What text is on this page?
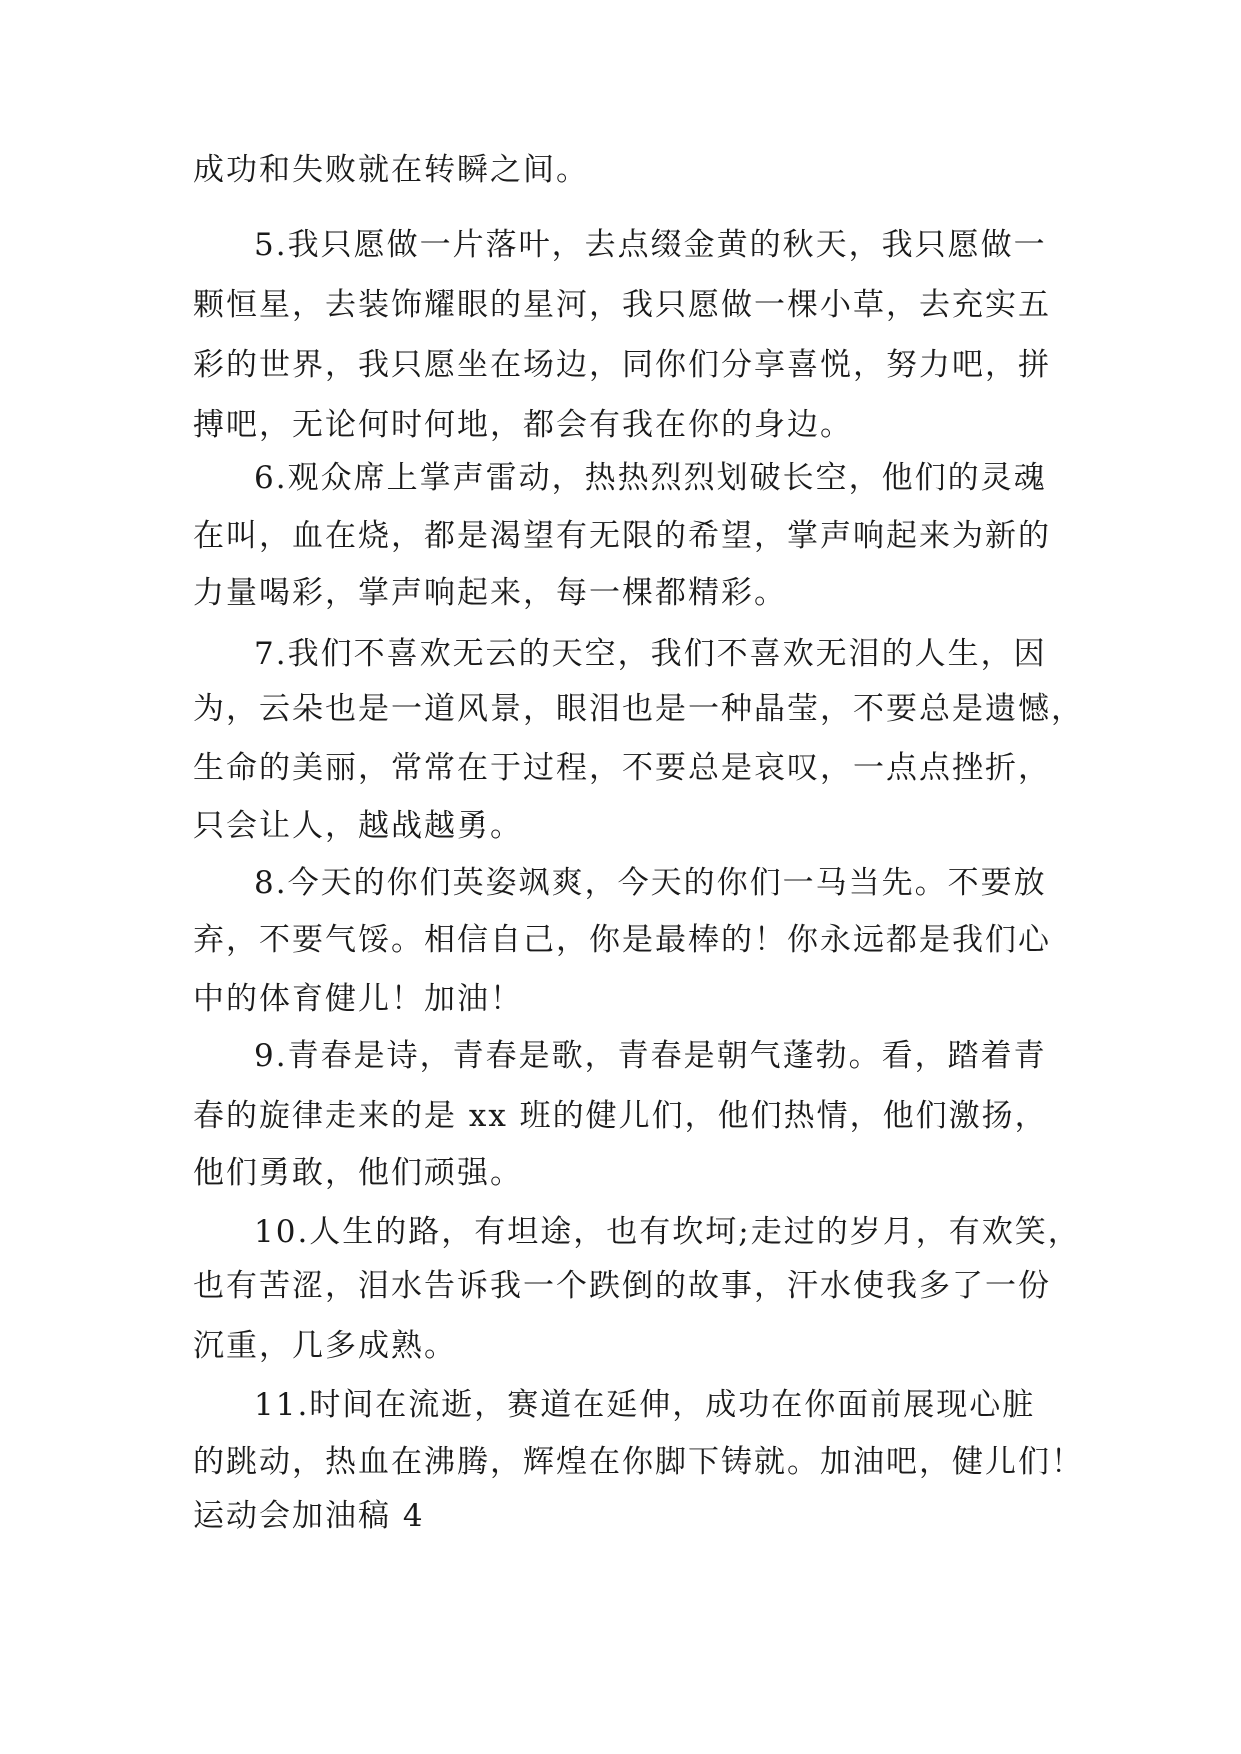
成功和失败就在转瞬之间。
5.我只愿做一片落叶，去点缀金黄的秋天，我只愿做一
颗恒星，去装饰耀眼的星河，我只愿做一棵小草，去充实五
彩的世界，我只愿坐在场边，同你们分享喜悦，努力吧，拼
搏吧，无论何时何地，都会有我在你的身边。
6.观众席上掌声雷动，热热烈烈划破长空，他们的灵魂
在叫，血在烧，都是渴望有无限的希望，掌声响起来为新的
力量喝彩，掌声响起来，每一棵都精彩。
7.我们不喜欢无云的天空，我们不喜欢无泪的人生，因
为，云朵也是一道风景，眼泪也是一种晶莹，不要总是遗憾，
生命的美丽，常常在于过程，不要总是哀叹，一点点挫折，
只会让人，越战越勇。
8.今天的你们英姿飒爽，今天的你们一马当先。不要放
弃，不要气馁。相信自己，你是最棒的！你永远都是我们心
中的体育健儿！加油！
9.青春是诗，青春是歌，青春是朝气蓬勃。看，踏着青
春的旋律走来的是 xx 班的健儿们，他们热情，他们激扬，
他们勇敢，他们顽强。
10.人生的路，有坦途，也有坎坷;走过的岁月，有欢笑，
也有苦涩，泪水告诉我一个跌倒的故事，汗水使我多了一份
沉重，几多成熟。
11.时间在流逝，赛道在延伸，成功在你面前展现心脏
的跳动，热血在沸腾，辉煌在你脚下铸就。加油吧，健儿们！
运动会加油稿 4
